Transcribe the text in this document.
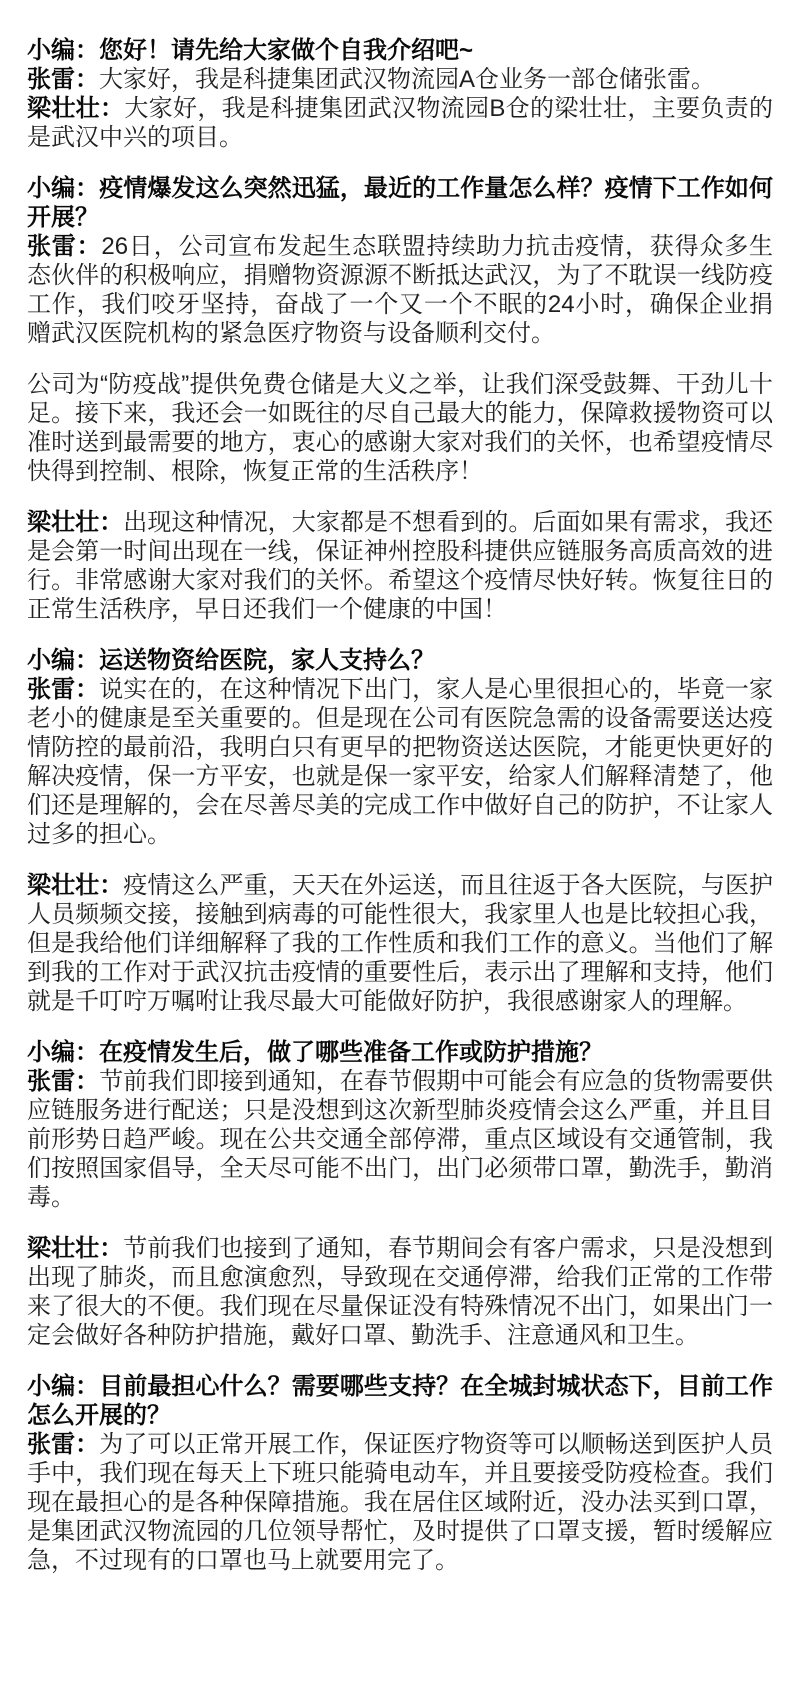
小编：您好！请先给大家做个自我介绍吧~

张雷：大家好，我是科捷集团武汉物流园A仓业务一部仓储张雷。

梁壮壮：大家好，我是科捷集团武汉物流园B仓的梁壮壮，主要负责的是武汉中兴的项目。

小编：疫情爆发这么突然迅猛，最近的工作量怎么样？疫情下工作如何开展？

张雷：26日，公司宣布发起生态联盟持续助力抗击疫情，获得众多生态伙伴的积极响应，捐赠物资源源不断抵达武汉，为了不耽误一线防疫工作，我们咬牙坚持，奋战了一个又一个不眠的24小时，确保企业捐赠武汉医院机构的紧急医疗物资与设备顺利交付。

公司为“防疫战”提供免费仓储是大义之举，让我们深受鼓舞、干劲儿十足。接下来，我还会一如既往的尽自己最大的能力，保障救援物资可以准时送到最需要的地方，衷心的感谢大家对我们的关怀，也希望疫情尽快得到控制、根除，恢复正常的生活秩序！

梁壮壮：出现这种情况，大家都是不想看到的。后面如果有需求，我还是会第一时间出现在一线，保证神州控股科捷供应链服务高质高效的进行。非常感谢大家对我们的关怀。希望这个疫情尽快好转。恢复往日的正常生活秩序，早日还我们一个健康的中国！

小编：运送物资给医院，家人支持么？

张雷：说实在的，在这种情况下出门，家人是心里很担心的，毕竟一家老小的健康是至关重要的。但是现在公司有医院急需的设备需要送达疫情防控的最前沿，我明白只有更早的把物资送达医院，才能更快更好的解决疫情，保一方平安，也就是保一家平安，给家人们解释清楚了，他们还是理解的，会在尽善尽美的完成工作中做好自己的防护，不让家人过多的担心。

梁壮壮：疫情这么严重，天天在外运送，而且往返于各大医院，与医护人员频频交接，接触到病毒的可能性很大，我家里人也是比较担心我，但是我给他们详细解释了我的工作性质和我们工作的意义。当他们了解到我的工作对于武汉抗击疫情的重要性后，表示出了理解和支持，他们就是千叮咛万嘱咐让我尽最大可能做好防护，我很感谢家人的理解。

小编：在疫情发生后，做了哪些准备工作或防护措施？

张雷：节前我们即接到通知，在春节假期中可能会有应急的货物需要供应链服务进行配送；只是没想到这次新型肺炎疫情会这么严重，并且目前形势日趋严峻。现在公共交通全部停滞，重点区域设有交通管制，我们按照国家倡导，全天尽可能不出门，出门必须带口罩，勤洗手，勤消毒。

梁壮壮：节前我们也接到了通知，春节期间会有客户需求，只是没想到出现了肺炎，而且愈演愈烈，导致现在交通停滞，给我们正常的工作带来了很大的不便。我们现在尽量保证没有特殊情况不出门，如果出门一定会做好各种防护措施，戴好口罩、勤洗手、注意通风和卫生。

小编：目前最担心什么？需要哪些支持？在全城封城状态下，目前工作怎么开展的？

张雷：为了可以正常开展工作，保证医疗物资等可以顺畅送到医护人员手中，我们现在每天上下班只能骑电动车，并且要接受防疫检查。我们现在最担心的是各种保障措施。我在居住区域附近，没办法买到口罩，是集团武汉物流园的几位领导帮忙，及时提供了口罩支援，暂时缓解应急，不过现有的口罩也马上就要用完了。
